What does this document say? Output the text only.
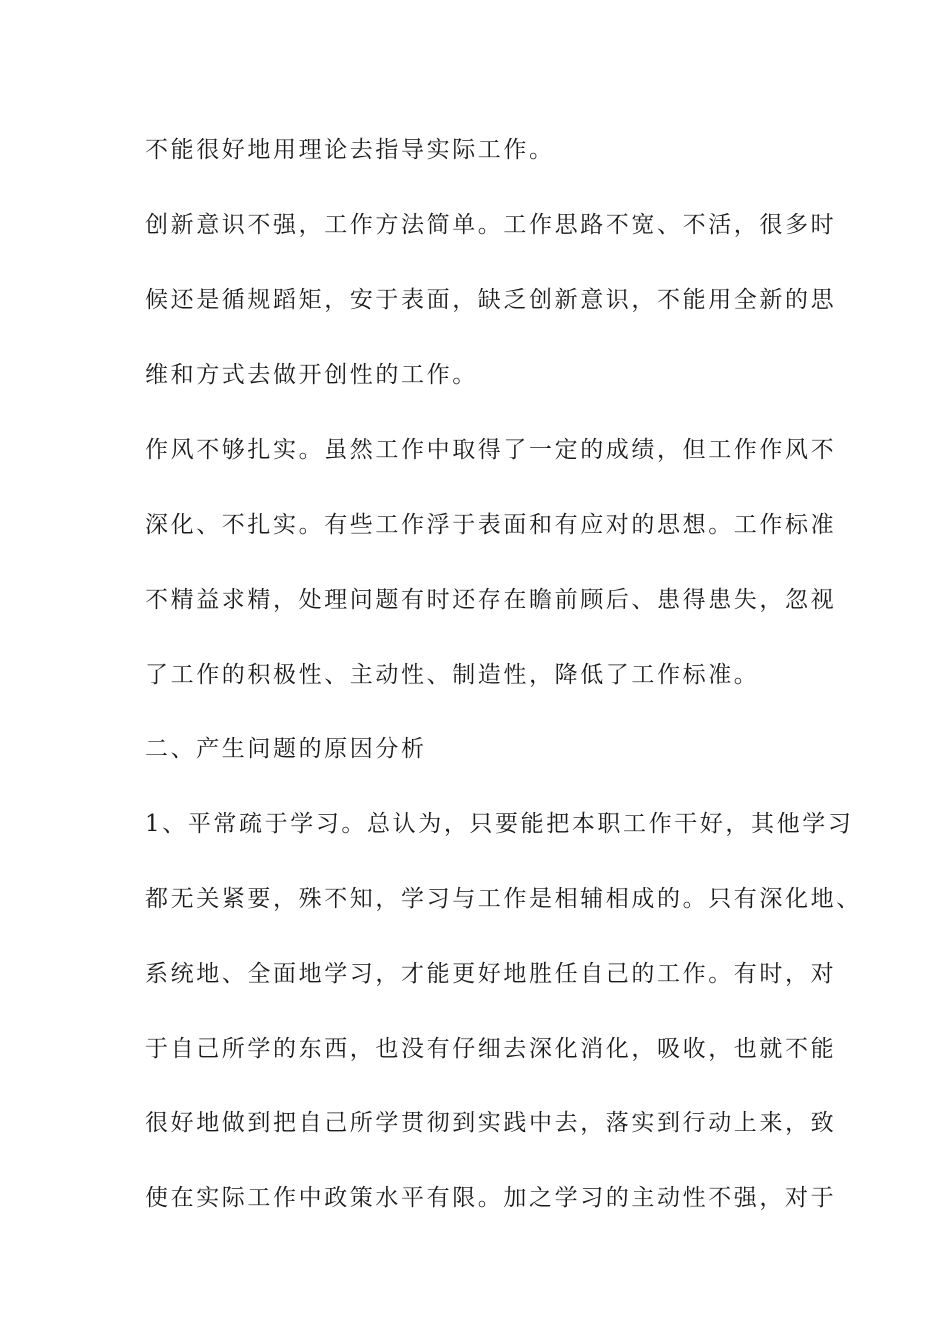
不能很好地用理论去指导实际工作。
创新意识不强，工作方法简单。工作思路不宽、不活，很多时
候还是循规蹈矩，安于表面，缺乏创新意识，不能用全新的思
维和方式去做开创性的工作。
作风不够扎实。虽然工作中取得了一定的成绩，但工作作风不
深化、不扎实。有些工作浮于表面和有应对的思想。工作标准
不精益求精，处理问题有时还存在瞻前顾后、患得患失，忽视
了工作的积极性、主动性、制造性，降低了工作标准。
二、产生问题的原因分析
1、平常疏于学习。总认为，只要能把本职工作干好，其他学习
都无关紧要，殊不知，学习与工作是相辅相成的。只有深化地、
系统地、全面地学习，才能更好地胜任自己的工作。有时，对
于自己所学的东西，也没有仔细去深化消化，吸收，也就不能
很好地做到把自己所学贯彻到实践中去，落实到行动上来，致
使在实际工作中政策水平有限。加之学习的主动性不强，对于
